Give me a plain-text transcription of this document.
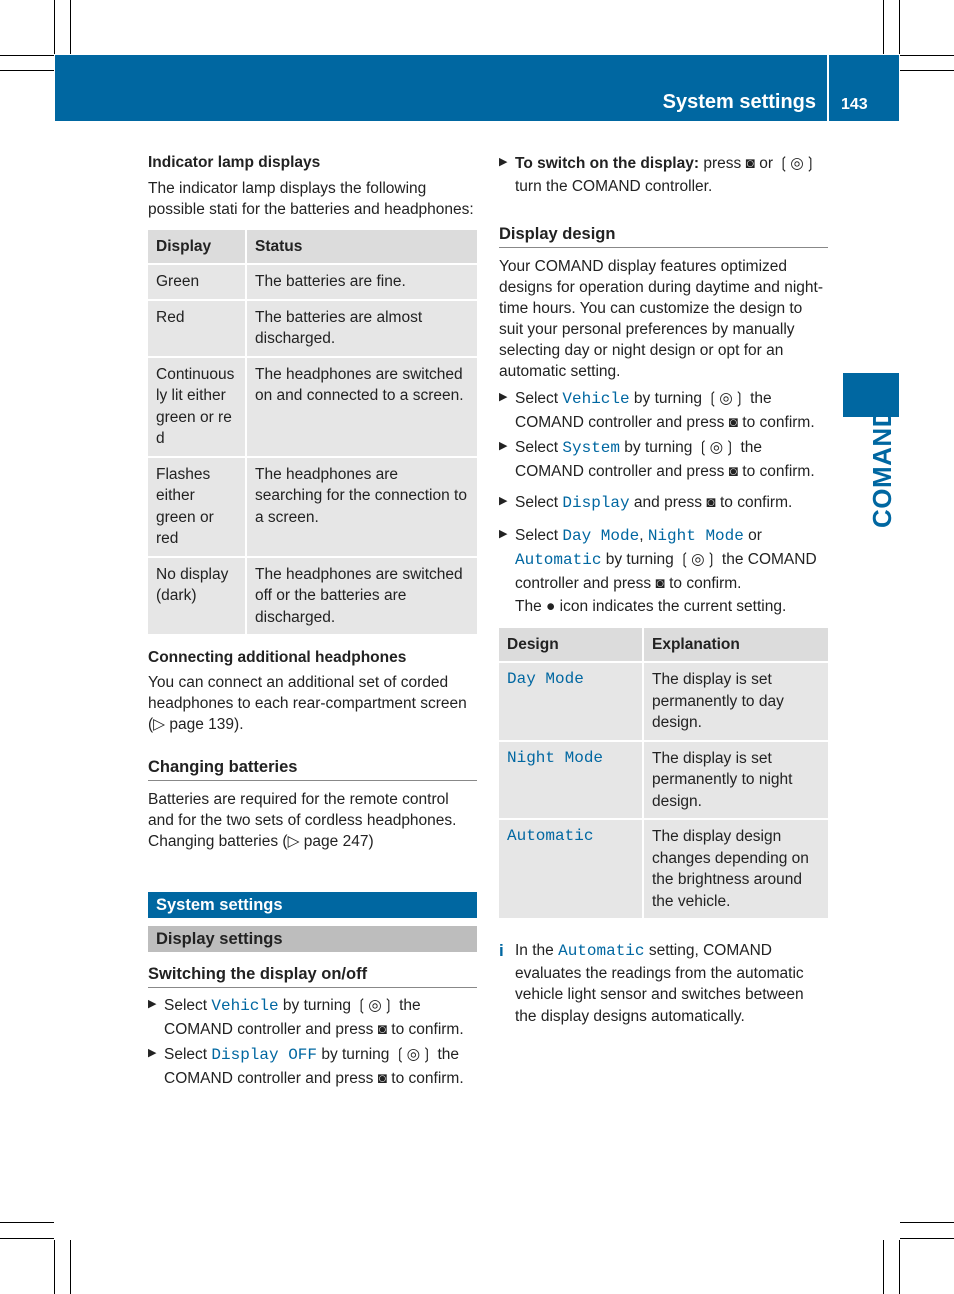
System settings 143
COMAND

Indicator lamp displays

The indicator lamp displays the following possible stati for the batteries and headphones:

Display	Status
Green	The batteries are fine.
Red	The batteries are almost discharged.
Continuously lit either green or red	The headphones are switched on and connected to a screen.
Flashes either green or red	The headphones are searching for the connection to a screen.
No display (dark)	The headphones are switched off or the batteries are discharged.

Connecting additional headphones

You can connect an additional set of corded headphones to each rear-compartment screen (▷ page 139).

Changing batteries

Batteries are required for the remote control and for the two sets of cordless headphones. Changing batteries (▷ page 247)

System settings
Display settings

Switching the display on/off

▶ Select Vehicle by turning ❲◎❳ the COMAND controller and press ◙ to confirm.
▶ Select Display OFF by turning ❲◎❳ the COMAND controller and press ◙ to confirm.
▶ To switch on the display: press ◙ or ❲◎❳ turn the COMAND controller.

Display design

Your COMAND display features optimized designs for operation during daytime and night-time hours. You can customize the design to suit your personal preferences by manually selecting day or night design or opt for an automatic setting.

▶ Select Vehicle by turning ❲◎❳ the COMAND controller and press ◙ to confirm.
▶ Select System by turning ❲◎❳ the COMAND controller and press ◙ to confirm.
▶ Select Display and press ◙ to confirm.
▶ Select Day Mode, Night Mode or Automatic by turning ❲◎❳ the COMAND controller and press ◙ to confirm.
The ● icon indicates the current setting.
Design	Explanation
Day Mode	The display is set permanently to day design.
Night Mode	The display is set permanently to night design.
Automatic	The display design changes depending on the brightness around the vehicle.
i In the Automatic setting, COMAND evaluates the readings from the automatic vehicle light sensor and switches between the display designs automatically.
